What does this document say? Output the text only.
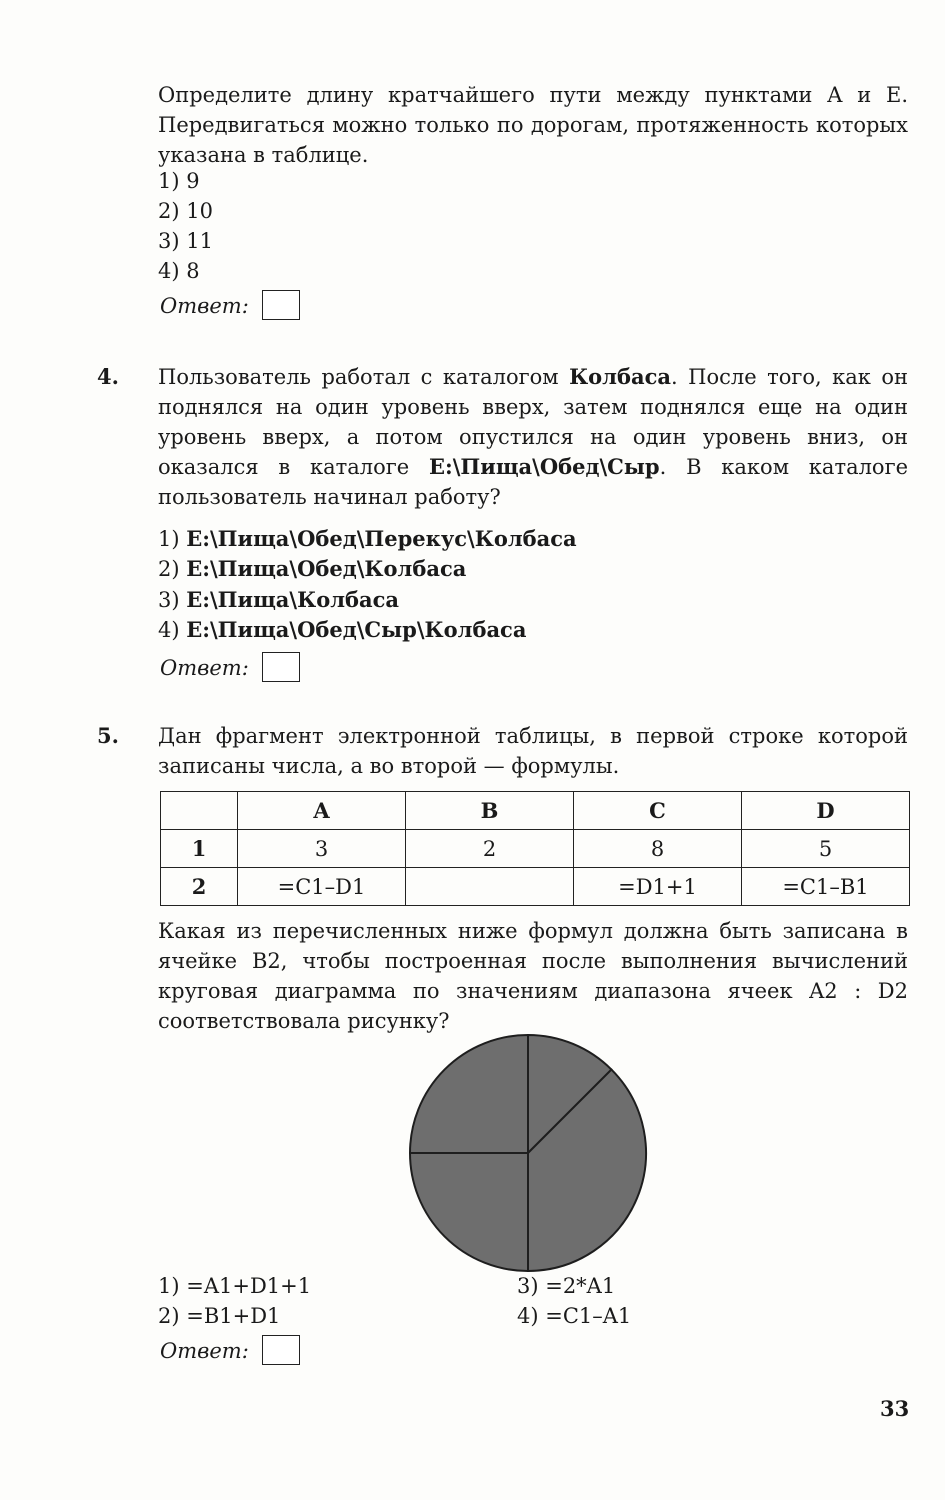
Определите длину кратчайшего пути между пунктами A и E. Передвигаться можно только по дорогам, протяженность которых указана в таблице.
1) 9
2) 10
3) 11
4) 8
Ответ:
4. Пользователь работал с каталогом Колбаса. После того, как он поднялся на один уровень вверх, затем поднялся еще на один уровень вверх, а потом опустился на один уровень вниз, он оказался в каталоге E:\Пища\Обед\Сыр. В каком каталоге пользователь начинал работу?
1) E:\Пища\Обед\Перекус\Колбаса
2) E:\Пища\Обед\Колбаса
3) E:\Пища\Колбаса
4) E:\Пища\Обед\Сыр\Колбаса
Ответ:
5. Дан фрагмент электронной таблицы, в первой строке которой записаны числа, а во второй — формулы.
	A	B	C	D
1	3	2	8	5
2	=C1–D1		=D1+1	=C1–B1
Какая из перечисленных ниже формул должна быть записана в ячейке B2, чтобы построенная после выполнения вычислений круговая диаграмма по значениям диапазона ячеек A2 : D2 соответствовала рисунку?
1) =A1+D1+1
2) =B1+D1
3) =2*A1
4) =C1–A1
Ответ:
33
